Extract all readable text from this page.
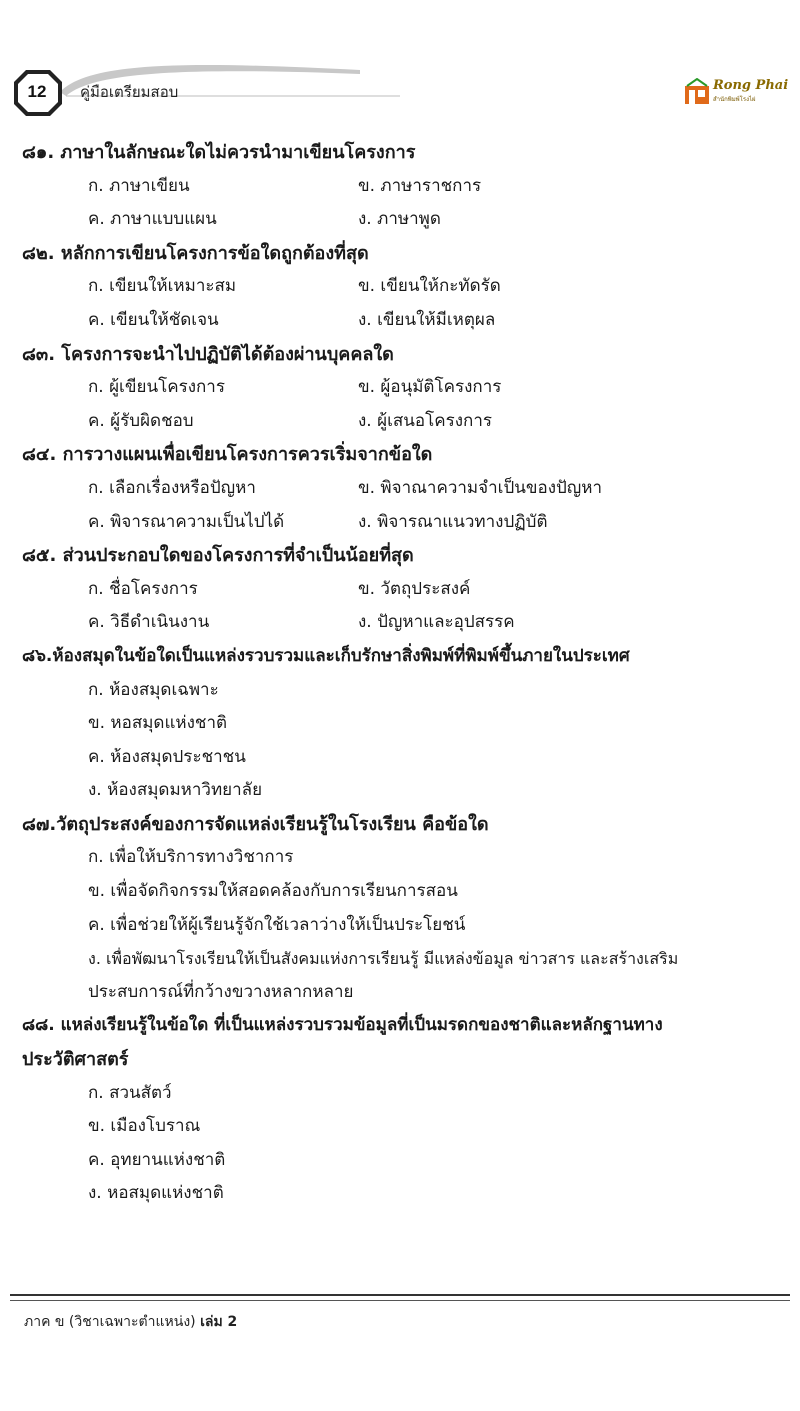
12	คู่มือเตรียมสอบ	Rong Phai
สำนักพิมพ์โรงไผ่
๘๑. ภาษาในลักษณะใดไม่ควรนำมาเขียนโครงการ
ก. ภาษาเขียน	ข. ภาษาราชการ
ค. ภาษาแบบแผน	ง. ภาษาพูด
๘๒. หลักการเขียนโครงการข้อใดถูกต้องที่สุด
ก. เขียนให้เหมาะสม	ข. เขียนให้กะทัดรัด
ค. เขียนให้ชัดเจน	ง. เขียนให้มีเหตุผล
๘๓. โครงการจะนำไปปฏิบัติได้ต้องผ่านบุคคลใด
ก. ผู้เขียนโครงการ	ข. ผู้อนุมัติโครงการ
ค. ผู้รับผิดชอบ	ง. ผู้เสนอโครงการ
๘๔. การวางแผนเพื่อเขียนโครงการควรเริ่มจากข้อใด
ก. เลือกเรื่องหรือปัญหา	ข. พิจาณาความจำเป็นของปัญหา
ค. พิจารณาความเป็นไปได้	ง. พิจารณาแนวทางปฏิบัติ
๘๕. ส่วนประกอบใดของโครงการที่จำเป็นน้อยที่สุด
ก. ชื่อโครงการ	ข. วัตถุประสงค์
ค. วิธีดำเนินงาน	ง. ปัญหาและอุปสรรค
๘๖.ห้องสมุดในข้อใดเป็นแหล่งรวบรวมและเก็บรักษาสิ่งพิมพ์ที่พิมพ์ขึ้นภายในประเทศ
ก. ห้องสมุดเฉพาะ
ข. หอสมุดแห่งชาติ
ค. ห้องสมุดประชาชน
ง. ห้องสมุดมหาวิทยาลัย
๘๗.วัตถุประสงค์ของการจัดแหล่งเรียนรู้ในโรงเรียน คือข้อใด
ก. เพื่อให้บริการทางวิชาการ
ข. เพื่อจัดกิจกรรมให้สอดคล้องกับการเรียนการสอน
ค. เพื่อช่วยให้ผู้เรียนรู้จักใช้เวลาว่างให้เป็นประโยชน์
ง. เพื่อพัฒนาโรงเรียนให้เป็นสังคมแห่งการเรียนรู้ มีแหล่งข้อมูล ข่าวสาร และสร้างเสริม
ประสบการณ์ที่กว้างขวางหลากหลาย
๘๘. แหล่งเรียนรู้ในข้อใด ที่เป็นแหล่งรวบรวมข้อมูลที่เป็นมรดกของชาติและหลักฐานทาง
ประวัติศาสตร์
ก. สวนสัตว์
ข. เมืองโบราณ
ค. อุทยานแห่งชาติ
ง. หอสมุดแห่งชาติ
ภาค ข (วิชาเฉพาะตำแหน่ง) เล่ม 2
